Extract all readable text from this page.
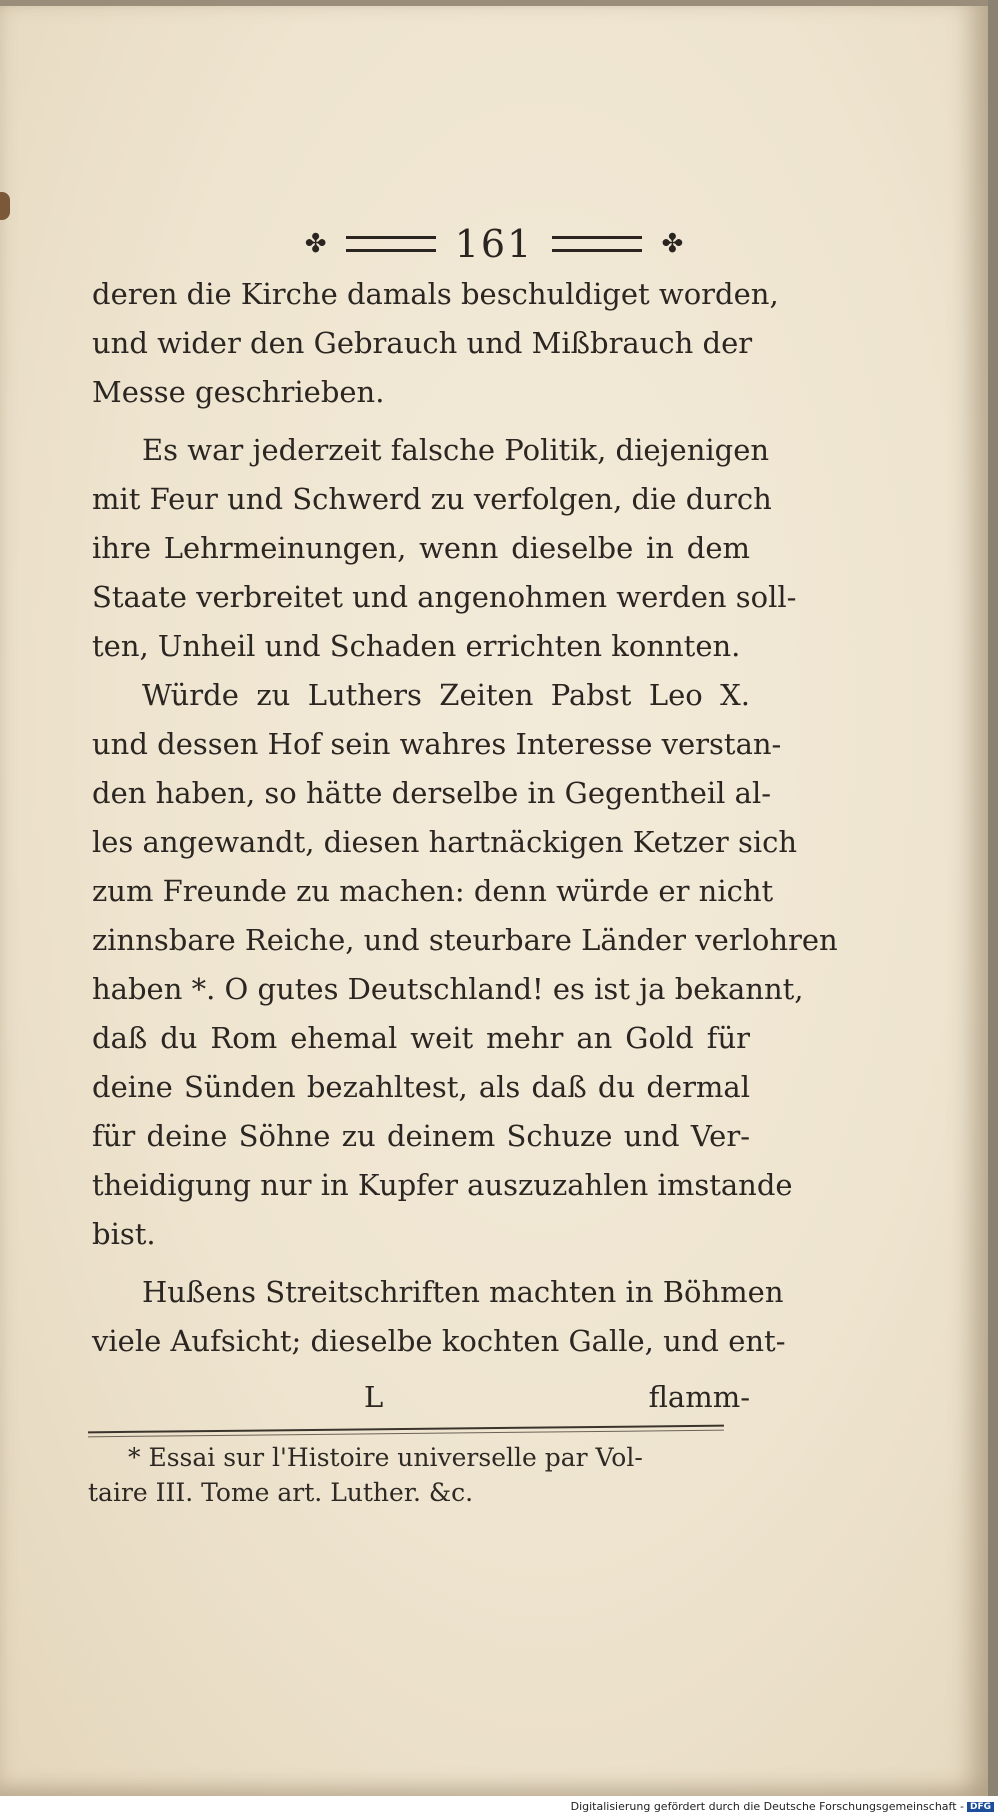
✤	161	✤
deren die Kirche damals beschuldiget worden,
und wider den Gebrauch und Mißbrauch der
Messe geschrieben.
Es war jederzeit falsche Politik, diejenigen
mit Feur und Schwerd zu verfolgen, die durch
ihre Lehrmeinungen, wenn dieselbe in dem
Staate verbreitet und angenohmen werden soll-
ten, Unheil und Schaden errichten konnten.
Würde zu Luthers Zeiten Pabst Leo X.
und dessen Hof sein wahres Interesse verstan-
den haben, so hätte derselbe in Gegentheil al-
les angewandt, diesen hartnäckigen Ketzer sich
zum Freunde zu machen: denn würde er nicht
zinnsbare Reiche, und steurbare Länder verlohren
haben *. O gutes Deutschland! es ist ja bekannt,
daß du Rom ehemal weit mehr an Gold für
deine Sünden bezahltest, als daß du dermal
für deine Söhne zu deinem Schuze und Ver-
theidigung nur in Kupfer auszuzahlen imstande
bist.
Hußens Streitschriften machten in Böhmen
viele Aufsicht; dieselbe kochten Galle, und ent-
L	flamm-
* Essai sur l'Histoire universelle par Vol-
taire III. Tome art. Luther. &c.
Digitalisierung gefördert durch die Deutsche Forschungsgemeinschaft - DFG
